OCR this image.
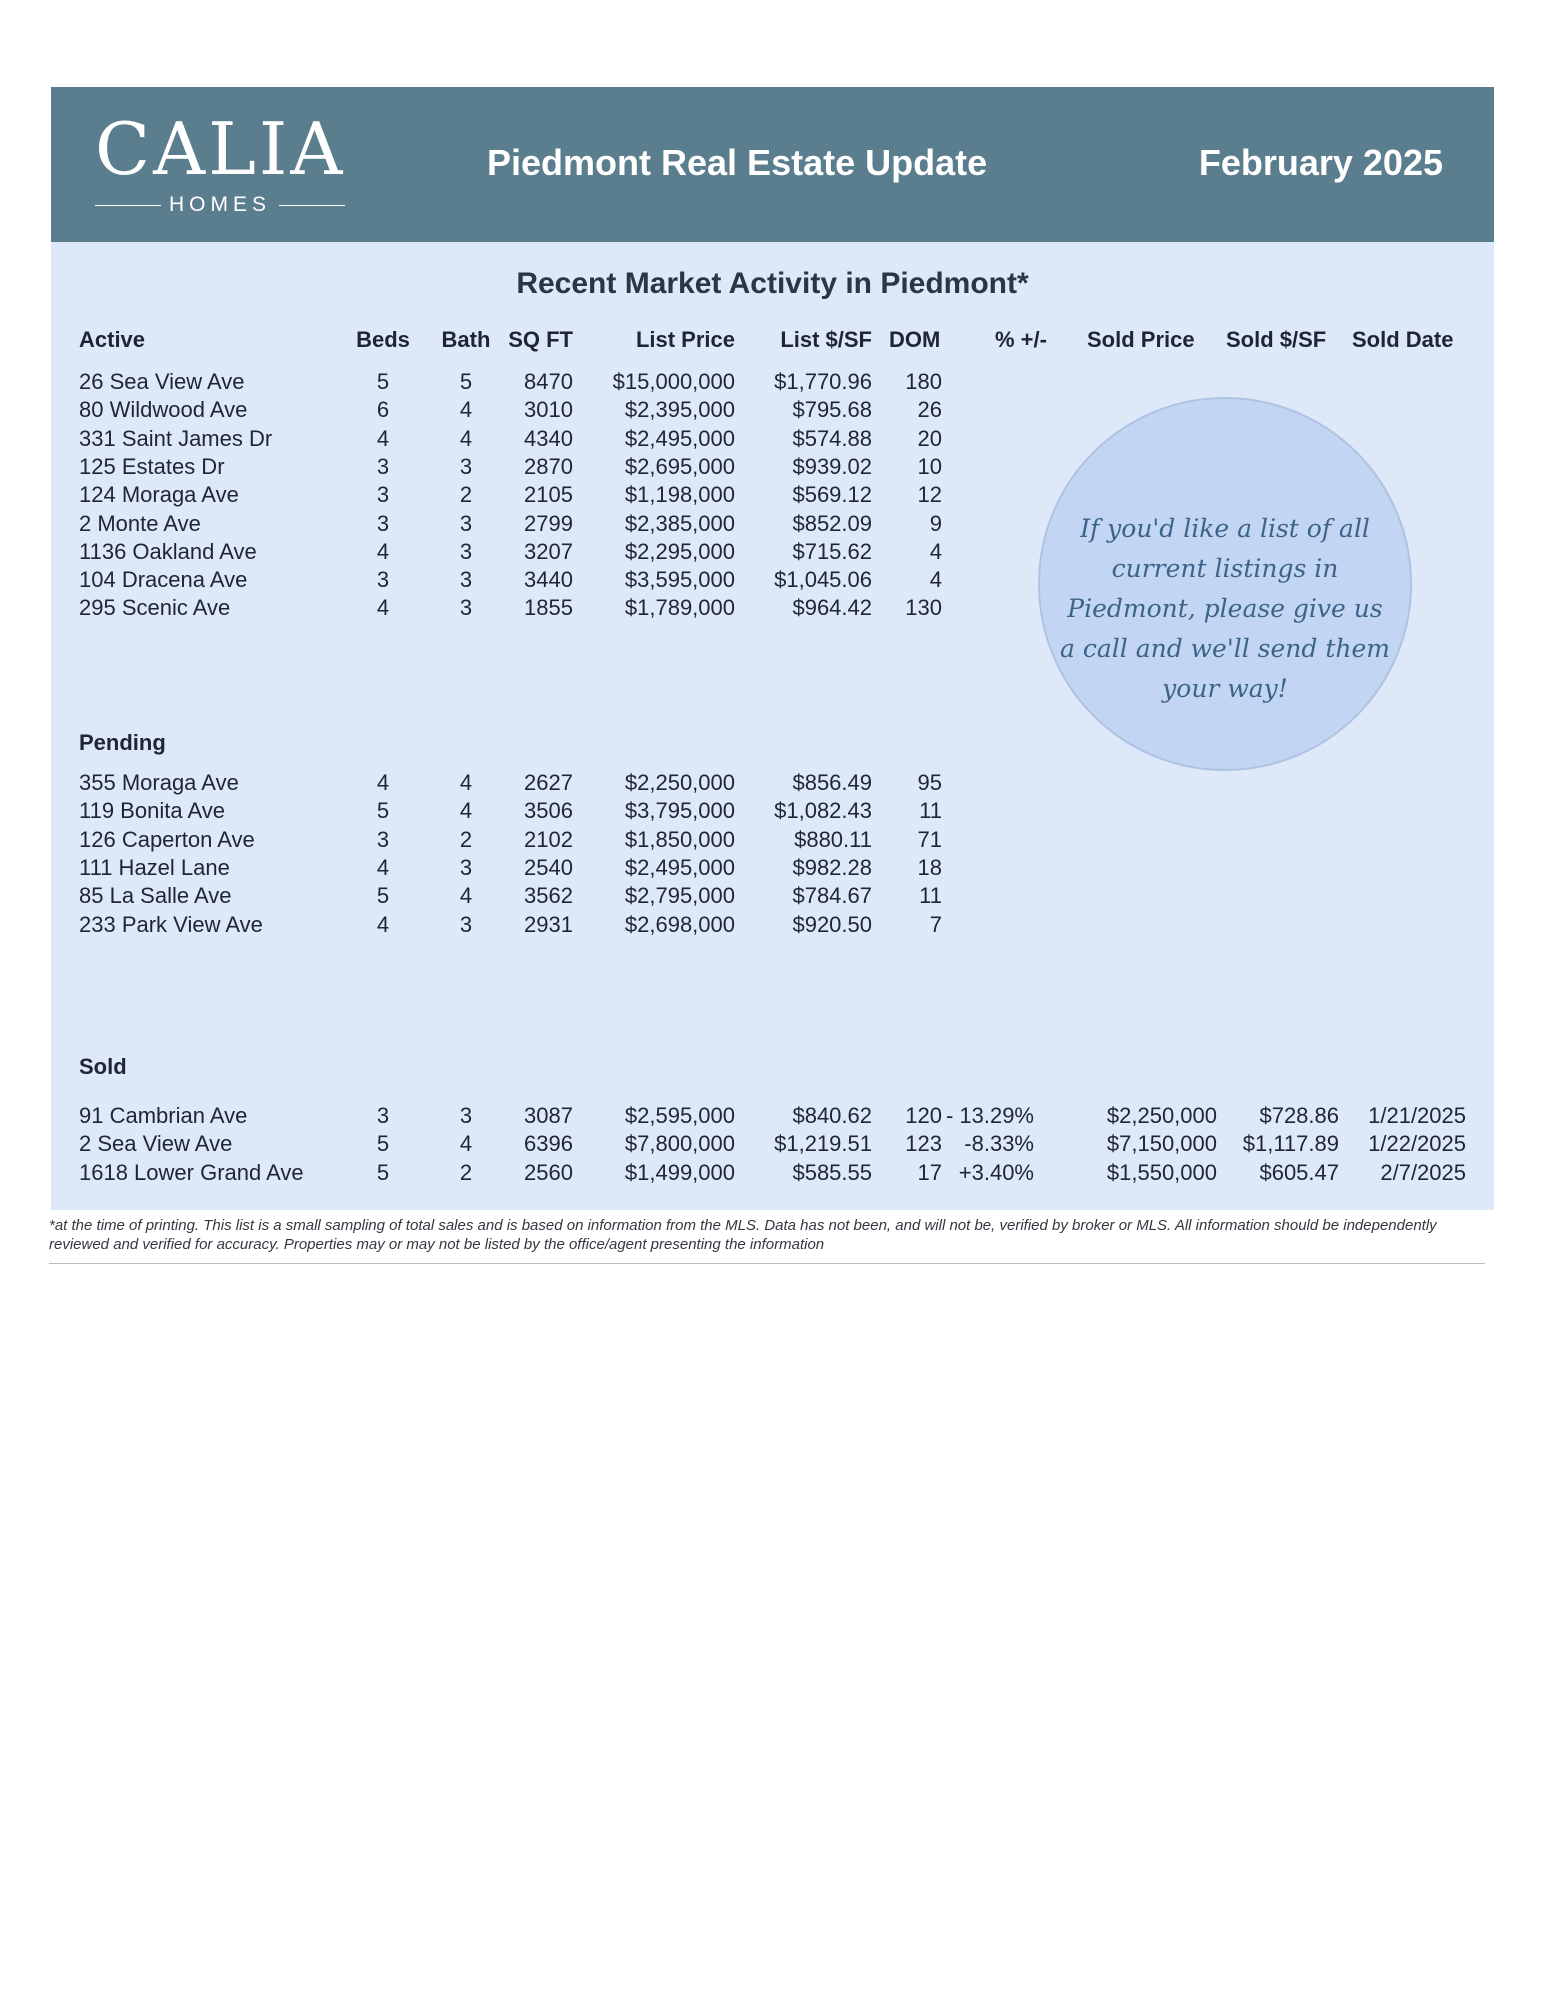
CALIA
HOMES
Piedmont Real Estate Update	February 2025
Recent Market Activity in Piedmont*
Active	Beds Bath SQ FT	List Price List $/SF DOM % +/- Sold Price Sold $/SF Sold Date
26 Sea View Ave	5	5	8470 $15,000,000 $1,770.96 180
80 Wildwood Ave	6	4	3010 $2,395,000	$795.68 26
331 Saint James Dr	4	4	4340 $2,495,000	$574.88 20
125 Estates Dr	3	3	2870 $2,695,000	$939.02 10
124 Moraga Ave	3	2	2105 $1,198,000	$569.12 12
2 Monte Ave	3	3	2799 $2,385,000	$852.09	9
1136 Oakland Ave	4	3	3207 $2,295,000	$715.62	4
104 Dracena Ave	3	3	3440 $3,595,000 $1,045.06	4
295 Scenic Ave	4	3	1855 $1,789,000	$964.42 130
Pending
355 Moraga Ave	4	4	2627 $2,250,000	$856.49 95
119 Bonita Ave	5	4	3506 $3,795,000 $1,082.43 11
126 Caperton Ave	3	2	2102 $1,850,000	$880.11 71
111 Hazel Lane	4	3	2540 $2,495,000	$982.28 18
85 La Salle Ave	5	4	3562 $2,795,000	$784.67 11
233 Park View Ave	4	3	2931 $2,698,000	$920.50	7
Sold
91 Cambrian Ave	3	3	3087 $2,595,000	$840.62 120 - 13.29%	$2,250,000 $728.86 1/21/2025
2 Sea View Ave	5	4	6396 $7,800,000 $1,219.51 123 -8.33%	$7,150,000 $1,117.89 1/22/2025
1618 Lower Grand Ave	5	2	2560 $1,499,000	$585.55 17 +3.40%	$1,550,000 $605.47 2/7/2025
If you'd like a list of all current listings in Piedmont, please give us a call and we'll send them your way!
*at the time of printing. This list is a small sampling of total sales and is based on information from the MLS. Data has not been, and will not be, verified by broker or MLS. All information should be independently reviewed and verified for accuracy. Properties may or may not be listed by the office/agent presenting the information
